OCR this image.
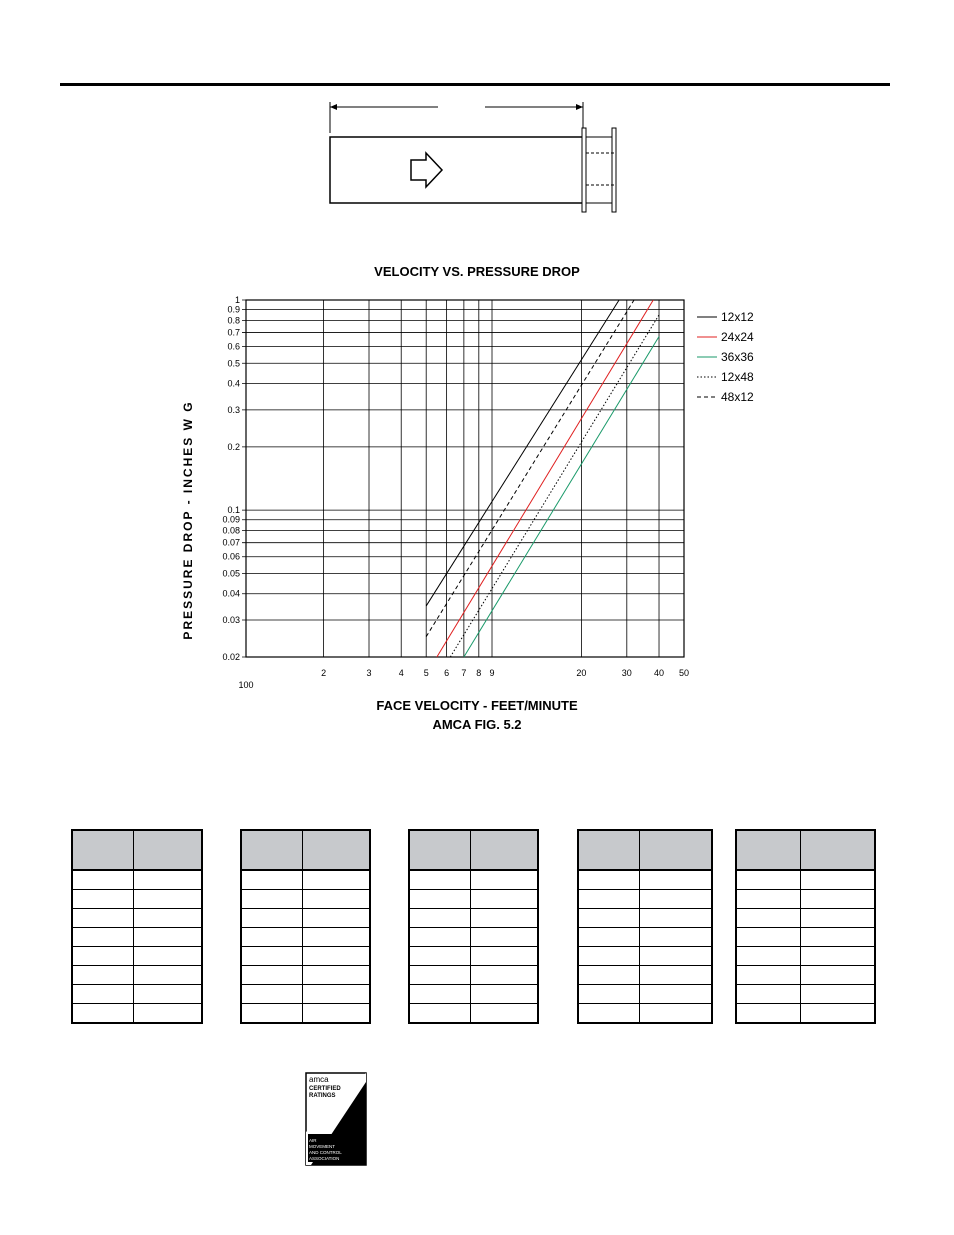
VELOCITY VS. PRESSURE DROP
100
2	3	4 5 6 7 8 9	20	30 40 50
0.02
0.03
0.04
0.05
0.06
0.07
0.08
0.09
0.1
0.2
0.3
0.4
0.5
0.6
0.7
0.8
0.9
1
PRESSURE DROP - INCHES W G
12x12
24x24
36x36
12x48
48x12
FACE VELOCITY - FEET/MINUTE
AMCA FIG. 5.2

amca
CERTIFIED
RATINGS
AIR
AIR
MOVEMENT
AND CONTROL
ASSOCIATION
